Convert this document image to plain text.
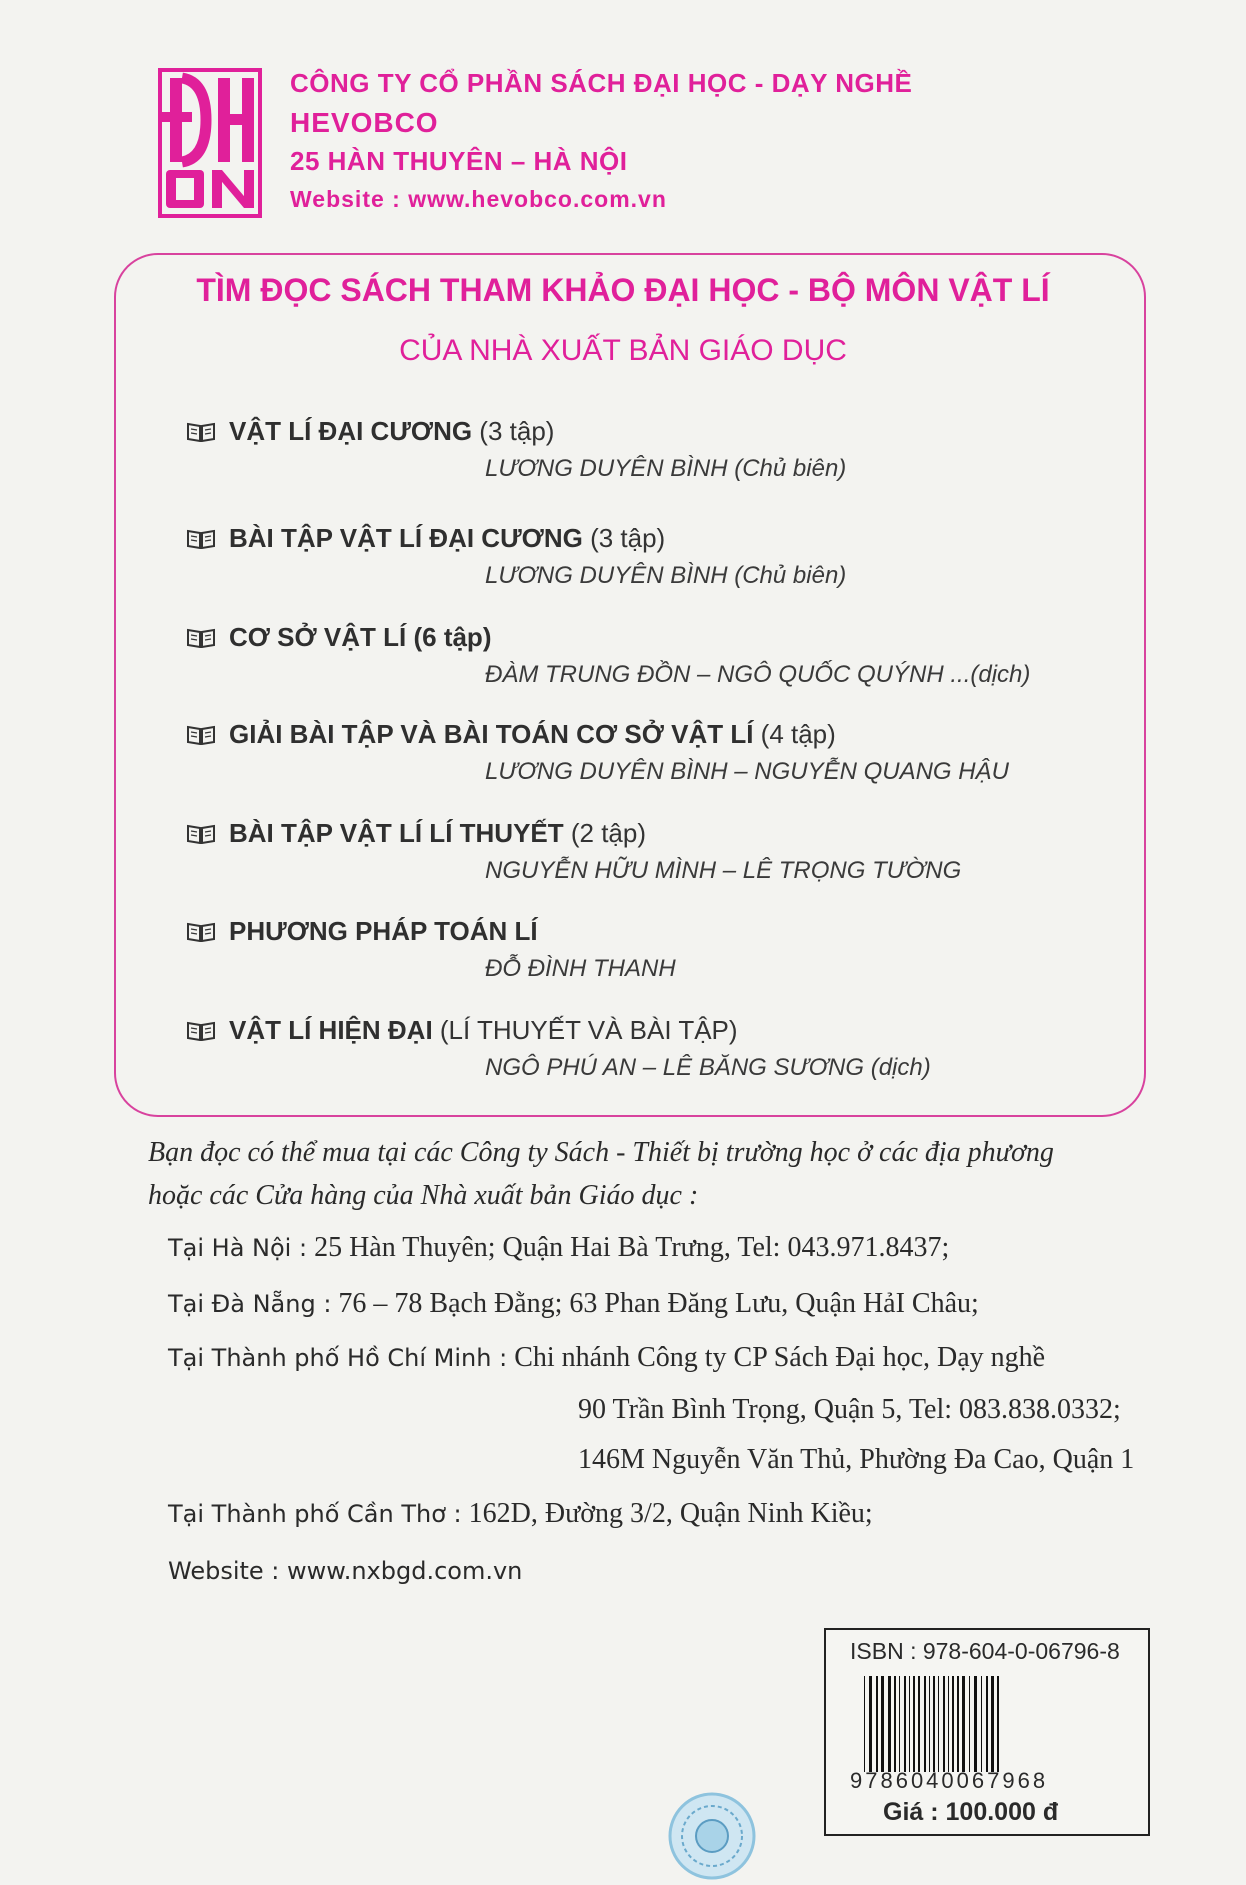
CÔNG TY CỔ PHẦN SÁCH ĐẠI HỌC - DẠY NGHỀ
HEVOBCO
25 HÀN THUYÊN – HÀ NỘI
Website : www.hevobco.com.vn
TÌM ĐỌC SÁCH THAM KHẢO ĐẠI HỌC - BỘ MÔN VẬT LÍ
CỦA NHÀ XUẤT BẢN GIÁO DỤC
VẬT LÍ ĐẠI CƯƠNG (3 tập)
LƯƠNG DUYÊN BÌNH (Chủ biên)
BÀI TẬP VẬT LÍ ĐẠI CƯƠNG (3 tập)
LƯƠNG DUYÊN BÌNH (Chủ biên)
CƠ SỞ VẬT LÍ (6 tập)
ĐÀM TRUNG ĐỒN – NGÔ QUỐC QUÝNH ...(dịch)
GIẢI BÀI TẬP VÀ BÀI TOÁN CƠ SỞ VẬT LÍ (4 tập)
LƯƠNG DUYÊN BÌNH – NGUYỄN QUANG HẬU
BÀI TẬP VẬT LÍ LÍ THUYẾT (2 tập)
NGUYỄN HỮU MÌNH – LÊ TRỌNG TƯỜNG
PHƯƠNG PHÁP TOÁN LÍ
ĐỖ ĐÌNH THANH
VẬT LÍ HIỆN ĐẠI (LÍ THUYẾT VÀ BÀI TẬP)
NGÔ PHÚ AN – LÊ BĂNG SƯƠNG (dịch)
Bạn đọc có thể mua tại các Công ty Sách - Thiết bị trường học ở các địa phương
hoặc các Cửa hàng của Nhà xuất bản Giáo dục :
Tại Hà Nội : 25 Hàn Thuyên; Quận Hai Bà Trưng, Tel: 043.971.8437;
Tại Đà Nẵng : 76 – 78 Bạch Đằng; 63 Phan Đăng Lưu, Quận HảI Châu;
Tại Thành phố Hồ Chí Minh : Chi nhánh Công ty CP Sách Đại học, Dạy nghề
90 Trần Bình Trọng, Quận 5, Tel: 083.838.0332;
146M Nguyễn Văn Thủ, Phường Đa Cao, Quận 1
Tại Thành phố Cần Thơ : 162D, Đường 3/2, Quận Ninh Kiều;
Website : www.nxbgd.com.vn
ISBN : 978-604-0-06796-8
9786040067968
Giá : 100.000 đ
